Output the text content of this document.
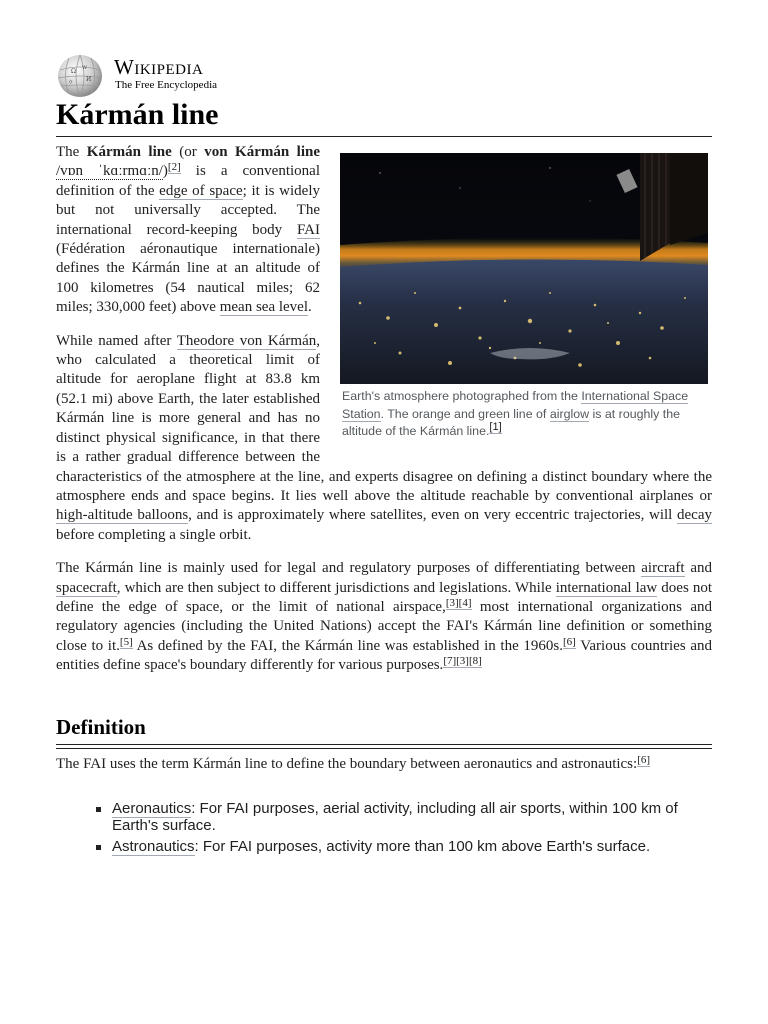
Ω W
И
ウ
Wikipedia
The Free Encyclopedia
Kármán line
Earth's atmosphere photographed from the International Space Station. The orange and green line of airglow is at roughly the altitude of the Kármán line.[1]

The Kármán line (or von Kármán line /vɒn ˈkɑːrmɑːn/)[2] is a conventional definition of the edge of space; it is widely but not universally accepted. The international record-keeping body FAI (Fédération aéronautique internationale) defines the Kármán line at an altitude of 100 kilometres (54 nautical miles; 62 miles; 330,000 feet) above mean sea level.

While named after Theodore von Kármán, who calculated a theoretical limit of altitude for aeroplane flight at 83.8 km (52.1 mi) above Earth, the later established Kármán line is more general and has no distinct physical significance, in that there is a rather gradual difference between the characteristics of the atmosphere at the line, and experts disagree on defining a distinct boundary where the atmosphere ends and space begins. It lies well above the altitude reachable by conventional airplanes or high-altitude balloons, and is approximately where satellites, even on very eccentric trajectories, will decay before completing a single orbit.

The Kármán line is mainly used for legal and regulatory purposes of differentiating between aircraft and spacecraft, which are then subject to different jurisdictions and legislations. While international law does not define the edge of space, or the limit of national airspace,[3][4] most international organizations and regulatory agencies (including the United Nations) accept the FAI's Kármán line definition or something close to it.[5] As defined by the FAI, the Kármán line was established in the 1960s.[6] Various countries and entities define space's boundary differently for various purposes.[7][3][8]

Definition

The FAI uses the term Kármán line to define the boundary between aeronautics and astronautics:[6]

Aeronautics: For FAI purposes, aerial activity, including all air sports, within 100 km of Earth's surface.
Astronautics: For FAI purposes, activity more than 100 km above Earth's surface.
